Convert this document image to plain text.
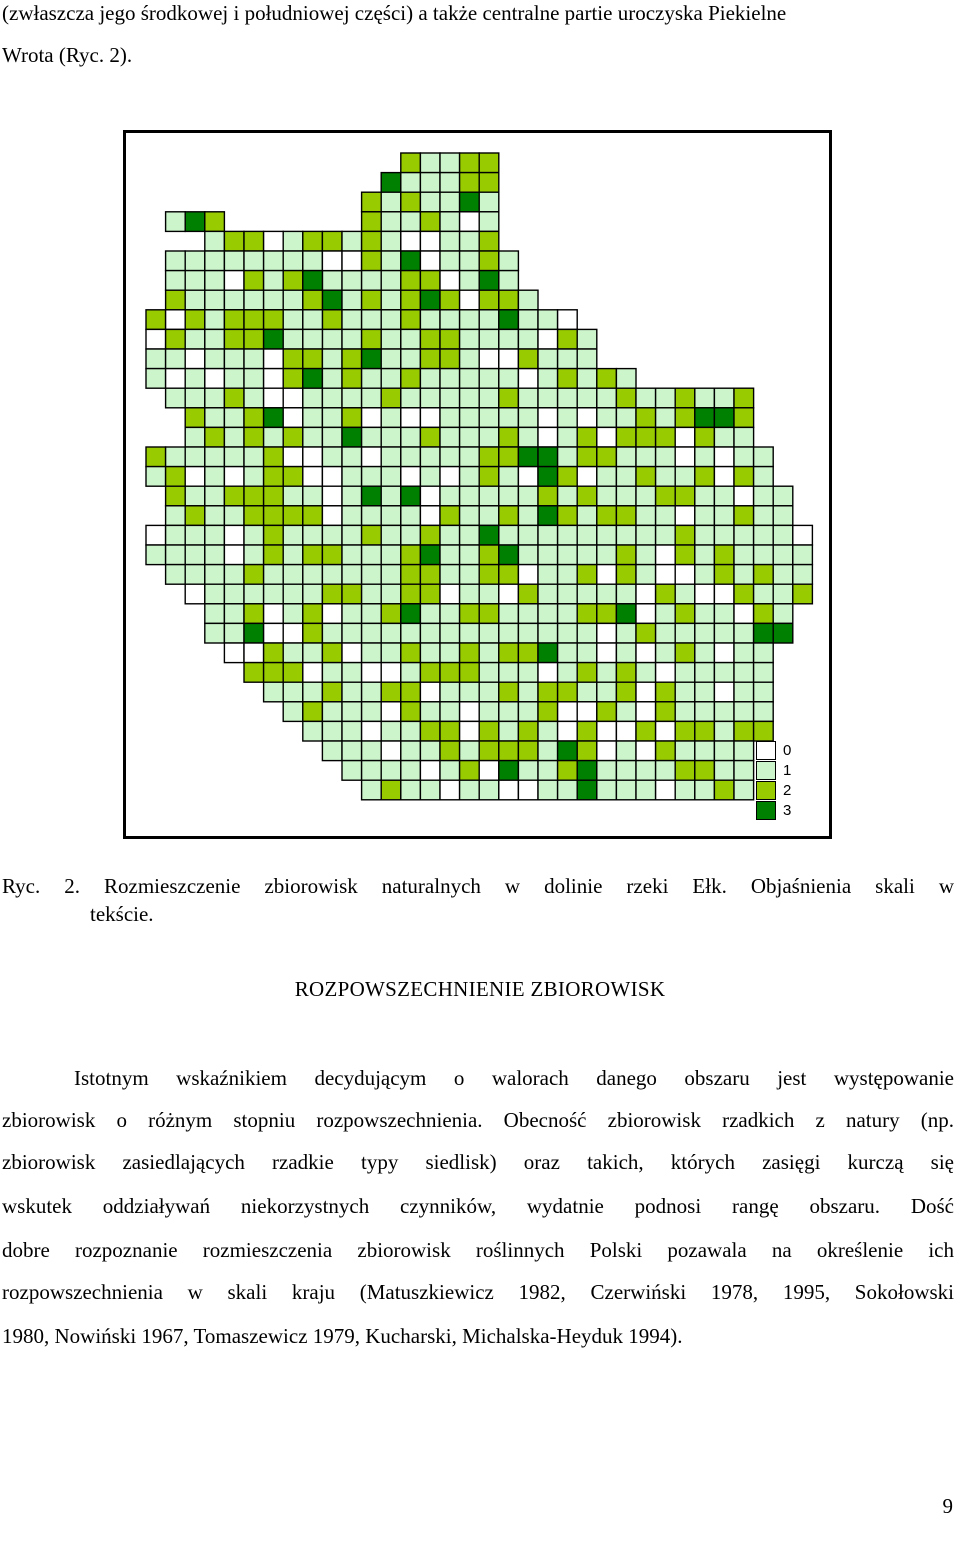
(zwłaszcza jego środkowej i południowej części) a także centralne partie uroczyska Piekielne
Wrota (Ryc. 2).
0
1
2
3
Ryc. 2. Rozmieszczenie zbiorowisk naturalnych w dolinie rzeki Ełk. Objaśnienia skali w
tekście.
ROZPOWSZECHNIENIE ZBIOROWISK
Istotnym wskaźnikiem decydującym o walorach danego obszaru jest występowanie
zbiorowisk o różnym stopniu rozpowszechnienia. Obecność zbiorowisk rzadkich z natury (np.
zbiorowisk zasiedlających rzadkie typy siedlisk) oraz takich, których zasięgi kurczą się
wskutek oddziaływań niekorzystnych czynników, wydatnie podnosi rangę obszaru. Dość
dobre rozpoznanie rozmieszczenia zbiorowisk roślinnych Polski pozawala na określenie ich
rozpowszechnienia w skali kraju (Matuszkiewicz 1982, Czerwiński 1978, 1995, Sokołowski
1980, Nowiński 1967, Tomaszewicz 1979, Kucharski, Michalska-Heyduk 1994).
9
